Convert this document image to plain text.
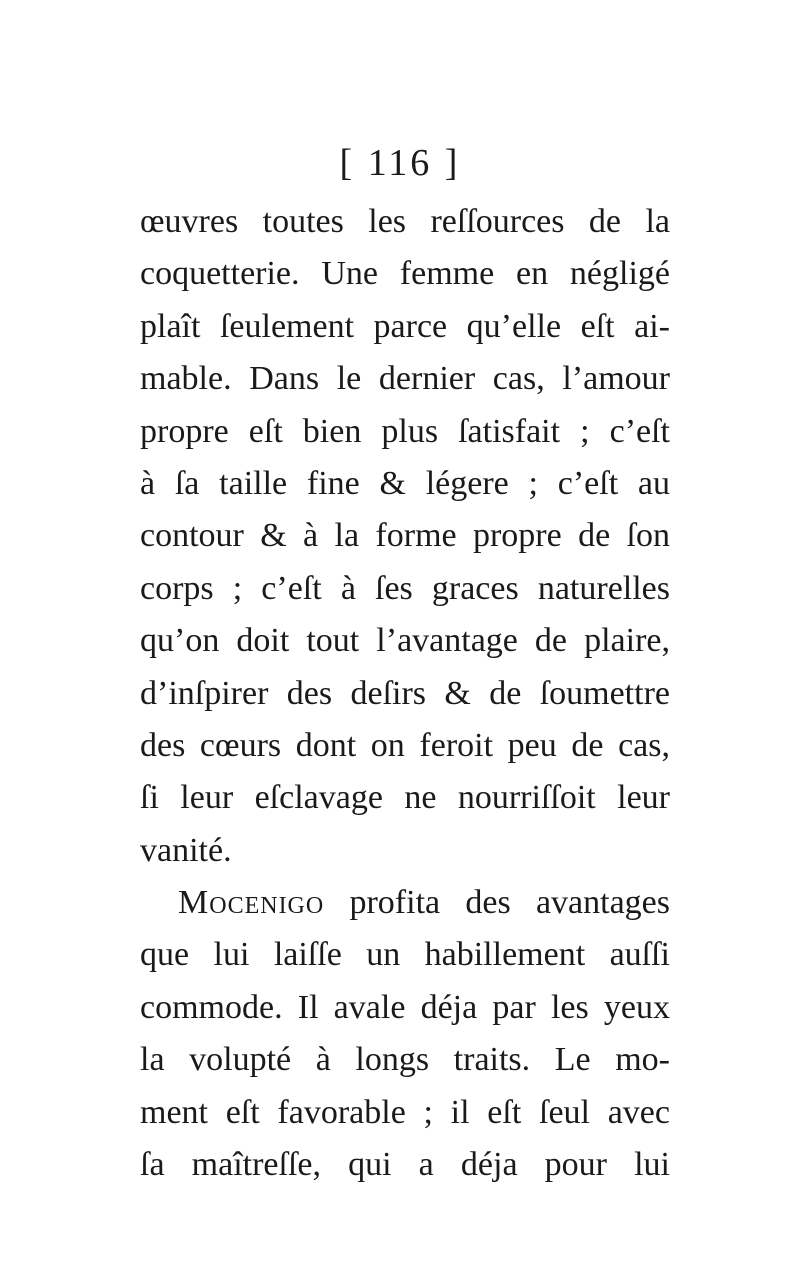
[ 116 ]
œuvres toutes les reſſources de la
coquetterie. Une femme en négligé
plaît ſeulement parce qu’elle eſt ai-
mable. Dans le dernier cas, l’amour
propre eſt bien plus ſatisfait ; c’eſt
à ſa taille fine & légere ; c’eſt au
contour & à la forme propre de ſon
corps ; c’eſt à ſes graces naturelles
qu’on doit tout l’avantage de plaire,
d’inſpirer des deſirs & de ſoumettre
des cœurs dont on feroit peu de cas,
ſi leur eſclavage ne nourriſſoit leur
vanité.
Mocenigo profita des avantages
que lui laiſſe un habillement auſſi
commode. Il avale déja par les yeux
la volupté à longs traits. Le mo-
ment eſt favorable ; il eſt ſeul avec
ſa maîtreſſe, qui a déja pour lui
